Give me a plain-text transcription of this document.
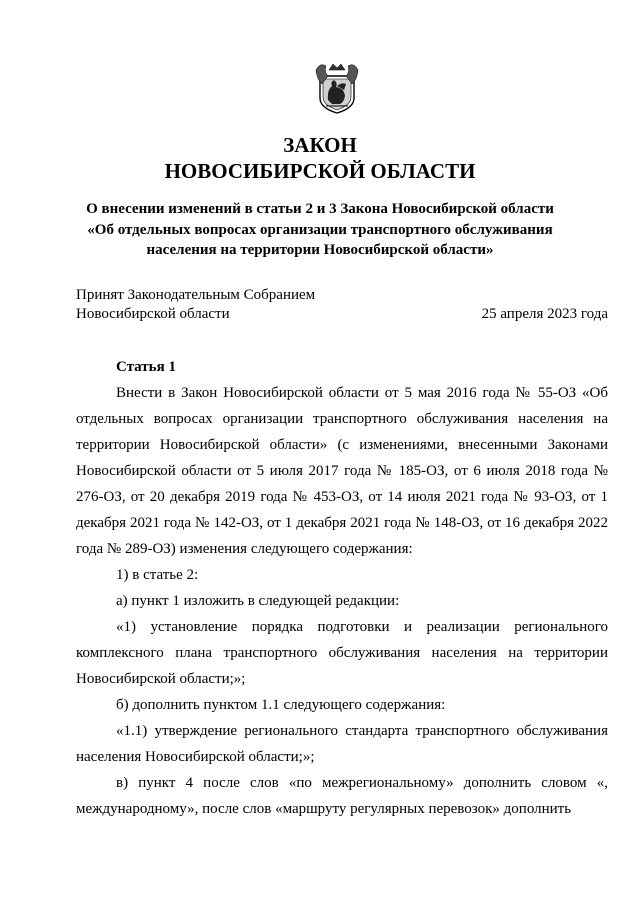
ЗАКОН
НОВОСИБИРСКОЙ ОБЛАСТИ
О внесении изменений в статьи 2 и 3 Закона Новосибирской области
«Об отдельных вопросах организации транспортного обслуживания
населения на территории Новосибирской области»
Принят Законодательным Собранием
Новосибирской области	25 апреля 2023 года

Статья 1

Внести в Закон Новосибирской области от 5 мая 2016 года № 55-ОЗ «Об отдельных вопросах организации транспортного обслуживания населения на территории Новосибирской области» (с изменениями, внесенными Законами Новосибирской области от 5 июля 2017 года № 185-ОЗ, от 6 июля 2018 года № 276-ОЗ, от 20 декабря 2019 года № 453-ОЗ, от 14 июля 2021 года № 93-ОЗ, от 1 декабря 2021 года № 142-ОЗ, от 1 декабря 2021 года № 148-ОЗ, от 16 декабря 2022 года № 289-ОЗ) изменения следующего содержания:

1) в статье 2:

а) пункт 1 изложить в следующей редакции:

«1) установление порядка подготовки и реализации регионального комплексного плана транспортного обслуживания населения на территории Новосибирской области;»;

б) дополнить пунктом 1.1 следующего содержания:

«1.1) утверждение регионального стандарта транспортного обслуживания населения Новосибирской области;»;

в) пункт 4 после слов «по межрегиональному» дополнить словом «, международному», после слов «маршруту регулярных перевозок» дополнить
